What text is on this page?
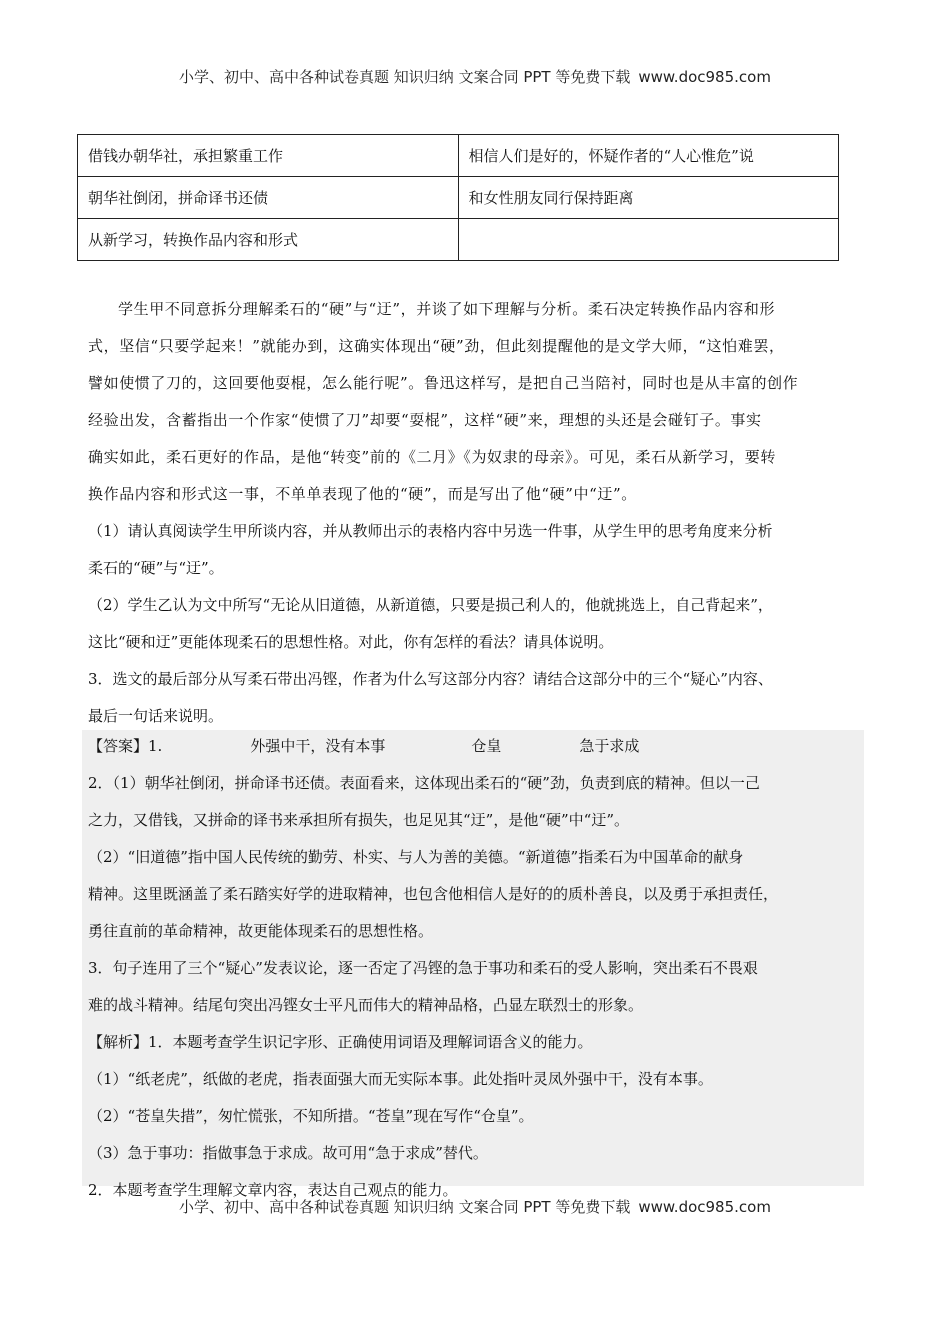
小学、初中、高中各种试卷真题 知识归纳 文案合同 PPT 等免费下载 www.doc985.com
借钱办朝华社，承担繁重工作	相信人们是好的，怀疑作者的“人心惟危”说
朝华社倒闭，拼命译书还债	和女性朋友同行保持距离
从新学习，转换作品内容和形式	

学生甲不同意拆分理解柔石的“硬”与“迂”，并谈了如下理解与分析。柔石决定转换作品内容和形

式，坚信“只要学起来！”就能办到，这确实体现出“硬”劲，但此刻提醒他的是文学大师，“这怕难罢，

譬如使惯了刀的，这回要他耍棍，怎么能行呢”。鲁迅这样写，是把自己当陪衬，同时也是从丰富的创作

经验出发，含蓄指出一个作家“使惯了刀”却要“耍棍”，这样“硬”来，理想的头还是会碰钉子。事实

确实如此，柔石更好的作品，是他“转变”前的《二月》《为奴隶的母亲》。可见，柔石从新学习，要转

换作品内容和形式这一事，不单单表现了他的“硬”，而是写出了他“硬”中“迂”。

（1）请认真阅读学生甲所谈内容，并从教师出示的表格内容中另选一件事，从学生甲的思考角度来分析

柔石的“硬”与“迂”。

（2）学生乙认为文中所写“无论从旧道德，从新道德，只要是损己利人的，他就挑选上，自己背起来”，

这比“硬和迂”更能体现柔石的思想性格。对此，你有怎样的看法？请具体说明。

3．选文的最后部分从写柔石带出冯铿，作者为什么写这部分内容？请结合这部分中的三个“疑心”内容、

最后一句话来说明。

【答案】1.	外强中干，没有本事	仓皇	急于求成

2．（1）朝华社倒闭，拼命译书还债。表面看来，这体现出柔石的“硬”劲，负责到底的精神。但以一己

之力，又借钱，又拼命的译书来承担所有损失，也足见其“迂”，是他“硬”中“迂”。

（2）“旧道德”指中国人民传统的勤劳、朴实、与人为善的美德。“新道德”指柔石为中国革命的献身

精神。这里既涵盖了柔石踏实好学的进取精神，也包含他相信人是好的的质朴善良，以及勇于承担责任，

勇往直前的革命精神，故更能体现柔石的思想性格。

3．句子连用了三个“疑心”发表议论，逐一否定了冯铿的急于事功和柔石的受人影响，突出柔石不畏艰

难的战斗精神。结尾句突出冯铿女士平凡而伟大的精神品格，凸显左联烈士的形象。

【解析】1．本题考查学生识记字形、正确使用词语及理解词语含义的能力。

（1）“纸老虎”，纸做的老虎，指表面强大而无实际本事。此处指叶灵凤外强中干，没有本事。

（2）“苍皇失措”，匆忙慌张，不知所措。“苍皇”现在写作“仓皇”。

（3）急于事功：指做事急于求成。故可用“急于求成”替代。

2．本题考查学生理解文章内容，表达自己观点的能力。

小学、初中、高中各种试卷真题 知识归纳 文案合同 PPT 等免费下载 www.doc985.com
